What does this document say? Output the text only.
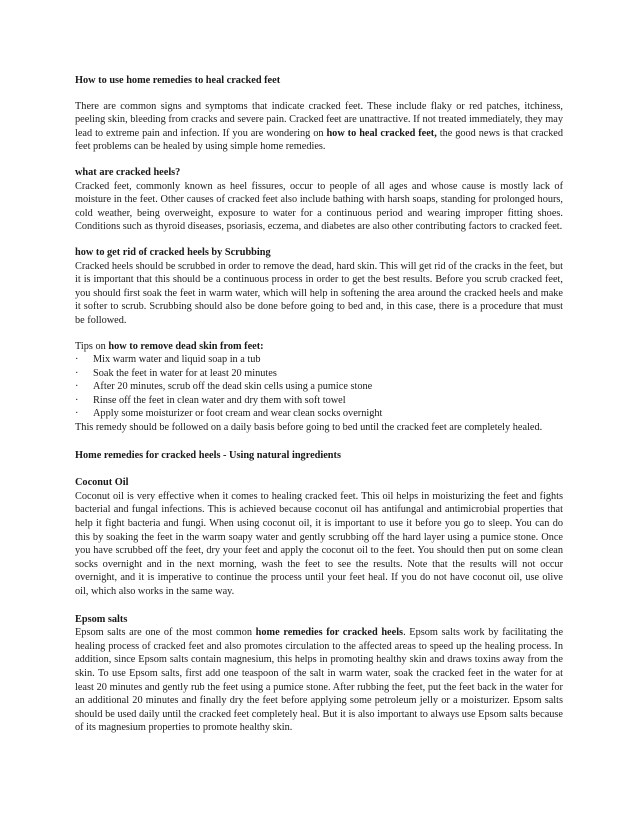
How to use home remedies to heal cracked feet

There are common signs and symptoms that indicate cracked feet. These include flaky or red patches, itchiness, peeling skin, bleeding from cracks and severe pain. Cracked feet are unattractive. If not treated immediately, they may lead to extreme pain and infection. If you are wondering on how to heal cracked feet, the good news is that cracked feet problems can be healed by using simple home remedies.

what are cracked heels?

Cracked feet, commonly known as heel fissures, occur to people of all ages and whose cause is mostly lack of moisture in the feet. Other causes of cracked feet also include bathing with harsh soaps, standing for prolonged hours, cold weather, being overweight, exposure to water for a continuous period and wearing improper fitting shoes. Conditions such as thyroid diseases, psoriasis, eczema, and diabetes are also other contributing factors to cracked feet.

how to get rid of cracked heels by Scrubbing

Cracked heels should be scrubbed in order to remove the dead, hard skin. This will get rid of the cracks in the feet, but it is important that this should be a continuous process in order to get the best results. Before you scrub cracked feet, you should first soak the feet in warm water, which will help in softening the area around the cracked heels and make it softer to scrub. Scrubbing should also be done before going to bed and, in this case, there is a procedure that must be followed.

Tips on how to remove dead skin from feet:

· Mix warm water and liquid soap in a tub
· Soak the feet in water for at least 20 minutes
· After 20 minutes, scrub off the dead skin cells using a pumice stone
· Rinse off the feet in clean water and dry them with soft towel
· Apply some moisturizer or foot cream and wear clean socks overnight

This remedy should be followed on a daily basis before going to bed until the cracked feet are completely healed.

Home remedies for cracked heels - Using natural ingredients

Coconut Oil

Coconut oil is very effective when it comes to healing cracked feet. This oil helps in moisturizing the feet and fights bacterial and fungal infections. This is achieved because coconut oil has antifungal and antimicrobial properties that help it fight bacteria and fungi. When using coconut oil, it is important to use it before you go to sleep. You can do this by soaking the feet in the warm soapy water and gently scrubbing off the hard layer using a pumice stone. Once you have scrubbed off the feet, dry your feet and apply the coconut oil to the feet. You should then put on some clean socks overnight and in the next morning, wash the feet to see the results. Note that the results will not occur overnight, and it is imperative to continue the process until your feet heal. If you do not have coconut oil, use olive oil, which also works in the same way.

Epsom salts

Epsom salts are one of the most common home remedies for cracked heels. Epsom salts work by facilitating the healing process of cracked feet and also promotes circulation to the affected areas to speed up the healing process. In addition, since Epsom salts contain magnesium, this helps in promoting healthy skin and draws toxins away from the skin. To use Epsom salts, first add one teaspoon of the salt in warm water, soak the cracked feet in the water for at least 20 minutes and gently rub the feet using a pumice stone. After rubbing the feet, put the feet back in the water for an additional 20 minutes and finally dry the feet before applying some petroleum jelly or a moisturizer. Epsom salts should be used daily until the cracked feet completely heal. But it is also important to always use Epsom salts because of its magnesium properties to promote healthy skin.
